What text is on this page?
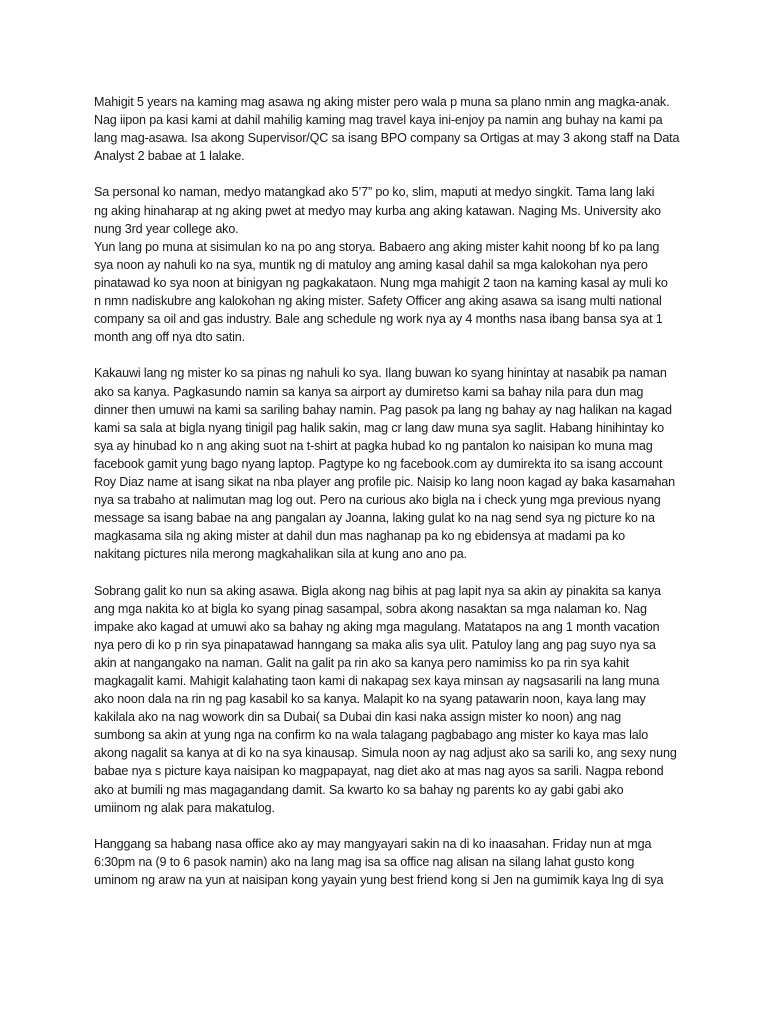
Mahigit 5 years na kaming mag asawa ng aking mister pero wala p muna sa plano nmin ang magka-anak.
Nag iipon pa kasi kami at dahil mahilig kaming mag travel kaya ini-enjoy pa namin ang buhay na kami pa
lang mag-asawa. Isa akong Supervisor/QC sa isang BPO company sa Ortigas at may 3 akong staff na Data
Analyst 2 babae at 1 lalake.
Sa personal ko naman, medyo matangkad ako 5’7” po ko, slim, maputi at medyo singkit. Tama lang laki
ng aking hinaharap at ng aking pwet at medyo may kurba ang aking katawan. Naging Ms. University ako
nung 3rd year college ako.
Yun lang po muna at sisimulan ko na po ang storya. Babaero ang aking mister kahit noong bf ko pa lang
sya noon ay nahuli ko na sya, muntik ng di matuloy ang aming kasal dahil sa mga kalokohan nya pero
pinatawad ko sya noon at binigyan ng pagkakataon. Nung mga mahigit 2 taon na kaming kasal ay muli ko
n nmn nadiskubre ang kalokohan ng aking mister. Safety Officer ang aking asawa sa isang multi national
company sa oil and gas industry. Bale ang schedule ng work nya ay 4 months nasa ibang bansa sya at 1
month ang off nya dto satin.
Kakauwi lang ng mister ko sa pinas ng nahuli ko sya. Ilang buwan ko syang hinintay at nasabik pa naman
ako sa kanya. Pagkasundo namin sa kanya sa airport ay dumiretso kami sa bahay nila para dun mag
dinner then umuwi na kami sa sariling bahay namin. Pag pasok pa lang ng bahay ay nag halikan na kagad
kami sa sala at bigla nyang tinigil pag halik sakin, mag cr lang daw muna sya saglit. Habang hinihintay ko
sya ay hinubad ko n ang aking suot na t-shirt at pagka hubad ko ng pantalon ko naisipan ko muna mag
facebook gamit yung bago nyang laptop. Pagtype ko ng facebook.com ay dumirekta ito sa isang account
Roy Diaz name at isang sikat na nba player ang profile pic. Naisip ko lang noon kagad ay baka kasamahan
nya sa trabaho at nalimutan mag log out. Pero na curious ako bigla na i check yung mga previous nyang
message sa isang babae na ang pangalan ay Joanna, laking gulat ko na nag send sya ng picture ko na
magkasama sila ng aking mister at dahil dun mas naghanap pa ko ng ebidensya at madami pa ko
nakitang pictures nila merong magkahalikan sila at kung ano ano pa.
Sobrang galit ko nun sa aking asawa. Bigla akong nag bihis at pag lapit nya sa akin ay pinakita sa kanya
ang mga nakita ko at bigla ko syang pinag sasampal, sobra akong nasaktan sa mga nalaman ko. Nag
impake ako kagad at umuwi ako sa bahay ng aking mga magulang. Matatapos na ang 1 month vacation
nya pero di ko p rin sya pinapatawad hanngang sa maka alis sya ulit. Patuloy lang ang pag suyo nya sa
akin at nangangako na naman. Galit na galit pa rin ako sa kanya pero namimiss ko pa rin sya kahit
magkagalit kami. Mahigit kalahating taon kami di nakapag sex kaya minsan ay nagsasarili na lang muna
ako noon dala na rin ng pag kasabil ko sa kanya. Malapit ko na syang patawarin noon, kaya lang may
kakilala ako na nag wowork din sa Dubai( sa Dubai din kasi naka assign mister ko noon) ang nag
sumbong sa akin at yung nga na confirm ko na wala talagang pagbabago ang mister ko kaya mas lalo
akong nagalit sa kanya at di ko na sya kinausap. Simula noon ay nag adjust ako sa sarili ko, ang sexy nung
babae nya s picture kaya naisipan ko magpapayat, nag diet ako at mas nag ayos sa sarili. Nagpa rebond
ako at bumili ng mas magagandang damit. Sa kwarto ko sa bahay ng parents ko ay gabi gabi ako
umiinom ng alak para makatulog.
Hanggang sa habang nasa office ako ay may mangyayari sakin na di ko inaasahan. Friday nun at mga
6:30pm na (9 to 6 pasok namin) ako na lang mag isa sa office nag alisan na silang lahat gusto kong
uminom ng araw na yun at naisipan kong yayain yung best friend kong si Jen na gumimik kaya lng di sya
